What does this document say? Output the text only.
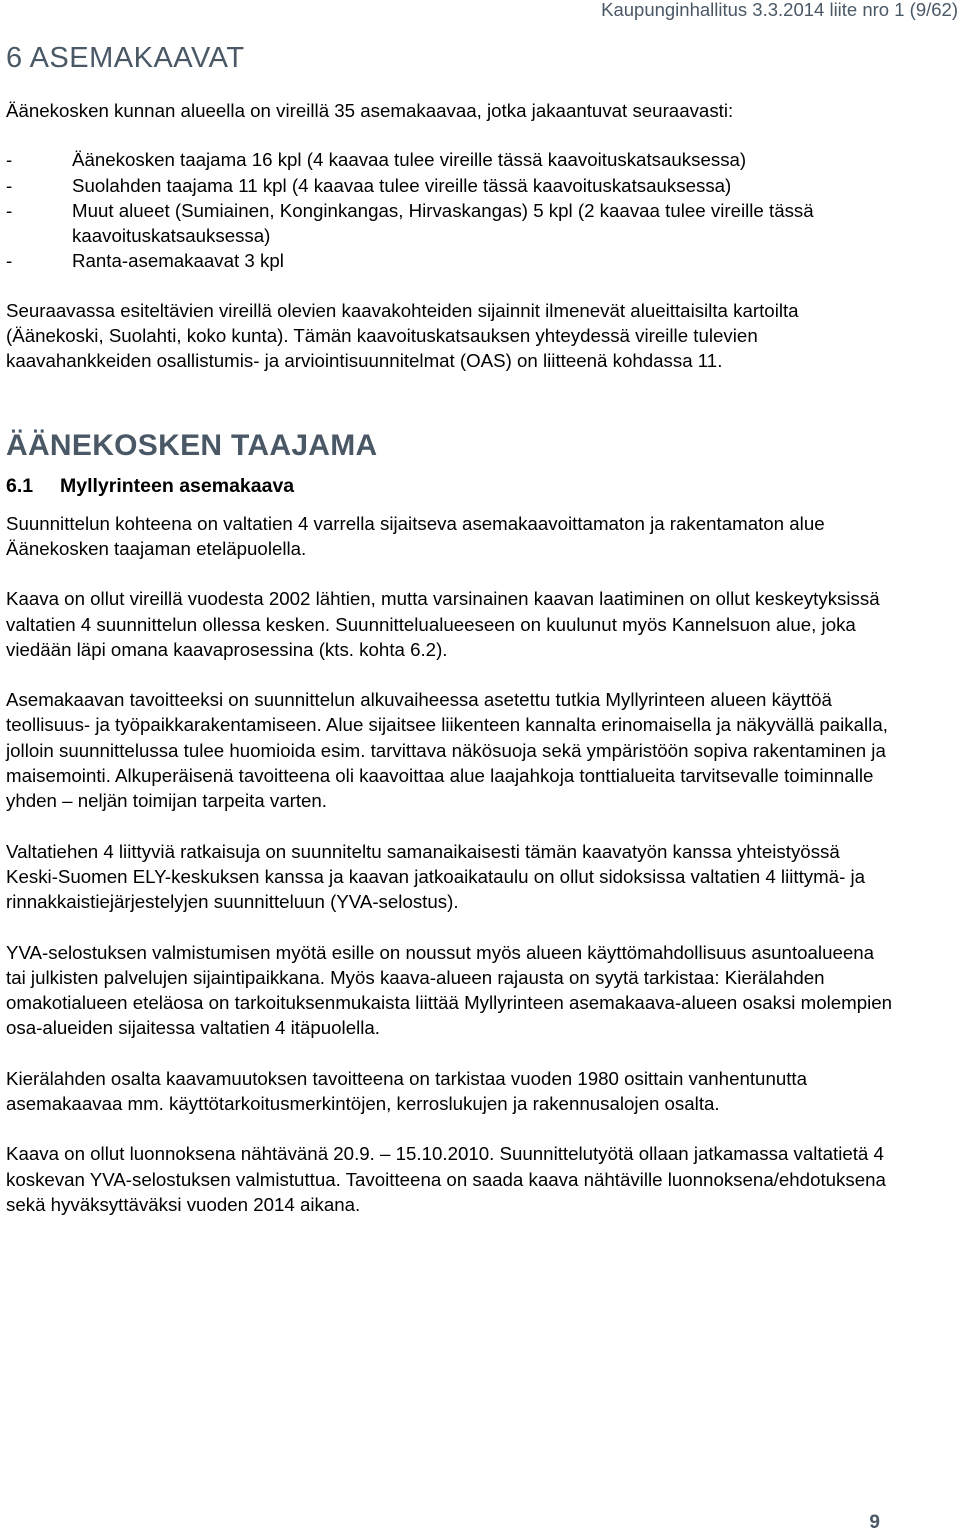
Kaupunginhallitus 3.3.2014 liite nro 1 (9/62)
6 ASEMAKAAVAT

Äänekosken kunnan alueella on vireillä 35 asemakaavaa, jotka jakaantuvat seuraavasti:

-	Äänekosken taajama 16 kpl (4 kaavaa tulee vireille tässä kaavoituskatsauksessa)
-	Suolahden taajama 11 kpl (4 kaavaa tulee vireille tässä kaavoituskatsauksessa)
-	Muut alueet (Sumiainen, Konginkangas, Hirvaskangas) 5 kpl (2 kaavaa tulee vireille tässä kaavoituskatsauksessa)
-	Ranta-asemakaavat 3 kpl

Seuraavassa esiteltävien vireillä olevien kaavakohteiden sijainnit ilmenevät alueittaisilta kartoilta (Äänekoski, Suolahti, koko kunta). Tämän kaavoituskatsauksen yhteydessä vireille tulevien kaavahankkeiden osallistumis- ja arviointisuunnitelmat (OAS) on liitteenä kohdassa 11.

ÄÄNEKOSKEN TAAJAMA
6.1 Myllyrinteen asemakaava

Suunnittelun kohteena on valtatien 4 varrella sijaitseva asemakaavoittamaton ja rakentamaton alue Äänekosken taajaman eteläpuolella.

Kaava on ollut vireillä vuodesta 2002 lähtien, mutta varsinainen kaavan laatiminen on ollut keskeytyksissä valtatien 4 suunnittelun ollessa kesken. Suunnittelualueeseen on kuulunut myös Kannelsuon alue, joka viedään läpi omana kaavaprosessina (kts. kohta 6.2).

Asemakaavan tavoitteeksi on suunnittelun alkuvaiheessa asetettu tutkia Myllyrinteen alueen käyttöä teollisuus- ja työpaikkarakentamiseen. Alue sijaitsee liikenteen kannalta erinomaisella ja näkyvällä paikalla, jolloin suunnittelussa tulee huomioida esim. tarvittava näkösuoja sekä ympäristöön sopiva rakentaminen ja maisemointi. Alkuperäisenä tavoitteena oli kaavoittaa alue laajahkoja tonttialueita tarvitsevalle toiminnalle yhden – neljän toimijan tarpeita varten.

Valtatiehen 4 liittyviä ratkaisuja on suunniteltu samanaikaisesti tämän kaavatyön kanssa yhteistyössä Keski-Suomen ELY-keskuksen kanssa ja kaavan jatkoaikataulu on ollut sidoksissa valtatien 4 liittymä- ja rinnakkaistiejärjestelyjen suunnitteluun (YVA-selostus).

YVA-selostuksen valmistumisen myötä esille on noussut myös alueen käyttömahdollisuus asuntoalueena tai julkisten palvelujen sijaintipaikkana. Myös kaava-alueen rajausta on syytä tarkistaa: Kierälahden omakotialueen eteläosa on tarkoituksenmukaista liittää Myllyrinteen asemakaava-alueen osaksi molempien osa-alueiden sijaitessa valtatien 4 itäpuolella.

Kierälahden osalta kaavamuutoksen tavoitteena on tarkistaa vuoden 1980 osittain vanhentunutta asemakaavaa mm. käyttötarkoitusmerkintöjen, kerroslukujen ja rakennusalojen osalta.

Kaava on ollut luonnoksena nähtävänä 20.9. – 15.10.2010. Suunnittelutyötä ollaan jatkamassa valtatietä 4 koskevan YVA-selostuksen valmistuttua. Tavoitteena on saada kaava nähtäville luonnoksena/ehdotuksena sekä hyväksyttäväksi vuoden 2014 aikana.

9
